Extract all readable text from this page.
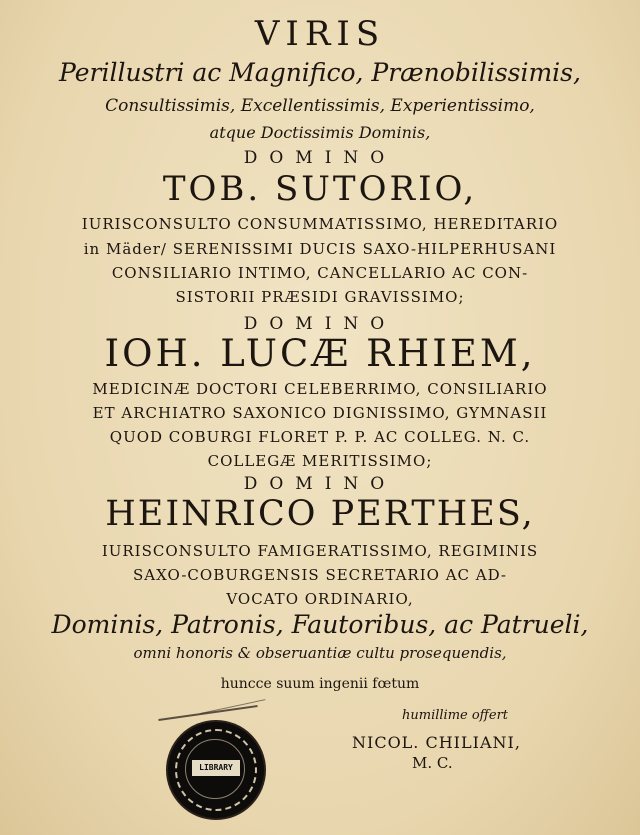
VIRIS
Perillustri ac Magnifico, Prænobilissimis,
Consultissimis, Excellentissimis, Experientissimo,
atque Doctissimis Dominis,
DOMINO
TOB. SUTORIO,
IURISCONSULTO CONSUMMATISSIMO, HEREDITARIO
in Mäder/ SERENISSIMI DUCIS SAXO-HILPERHUSANI
CONSILIARIO INTIMO, CANCELLARIO AC CON-
SISTORII PRÆSIDI GRAVISSIMO;
DOMINO
IOH. LUCÆ RHIEM,
MEDICINÆ DOCTORI CELEBERRIMO, CONSILIARIO
ET ARCHIATRO SAXONICO DIGNISSIMO, GYMNASII
QUOD COBURGI FLORET P. P. AC COLLEG. N. C.
COLLEGÆ MERITISSIMO;
DOMINO
HEINRICO PERTHES,
IURISCONSULTO FAMIGERATISSIMO, REGIMINIS
SAXO-COBURGENSIS SECRETARIO AC AD-
VOCATO ORDINARIO,
Dominis, Patronis, Fautoribus, ac Patrueli,
omni honoris & obseruantiæ cultu prosequendis,
huncce suum ingenii fœtum
humillime offert
NICOL. CHILIANI,
M. C.
LIBRARY
